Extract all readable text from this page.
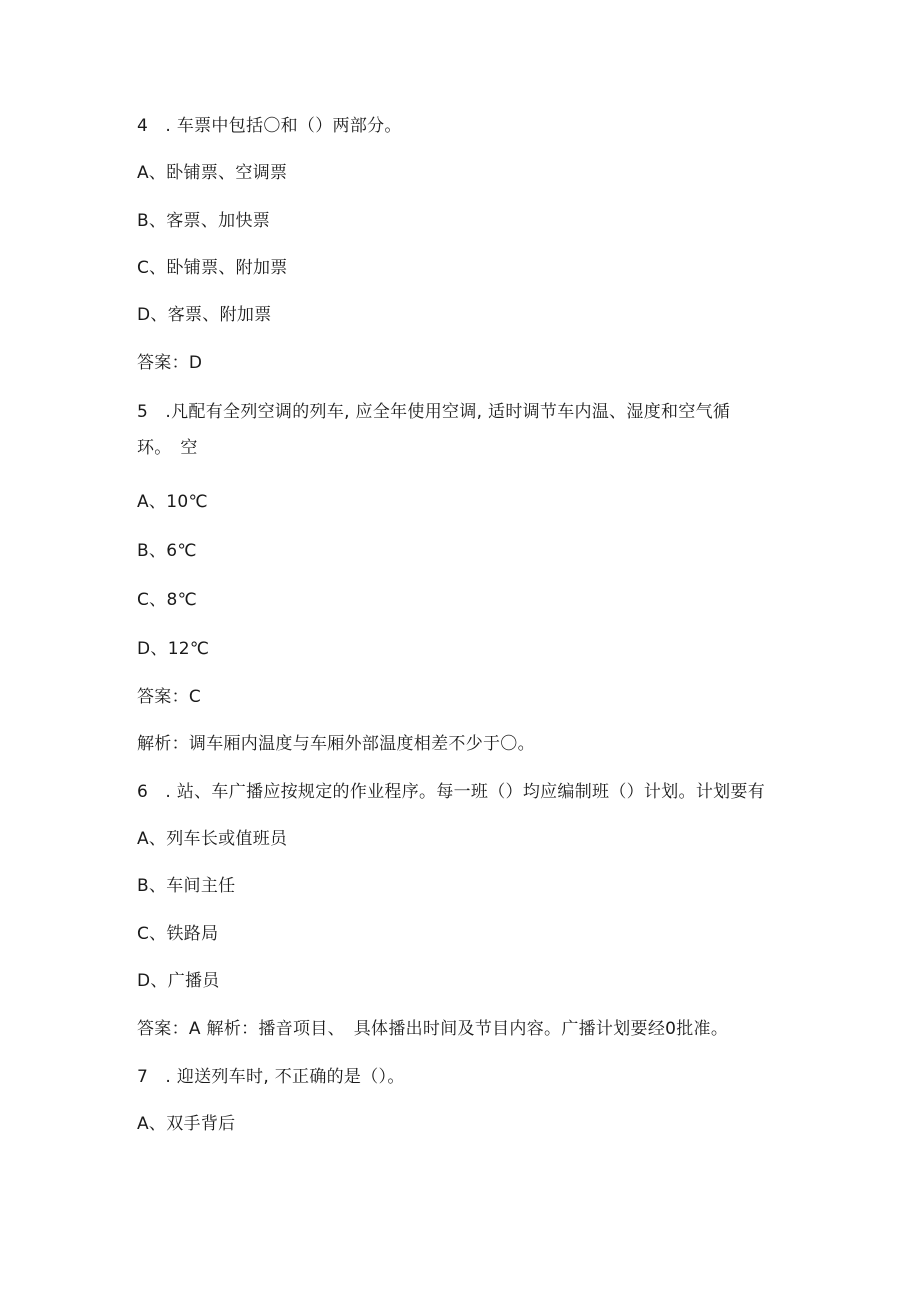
4　. 车票中包括〇和（）两部分。
A、卧铺票、空调票
B、客票、加快票
C、卧铺票、附加票
D、客票、附加票
答案：D
5　.凡配有全列空调的列车, 应全年使用空调, 适时调节车内温、湿度和空气循
环。　空
A、10℃
B、6℃
C、8℃
D、12℃
答案：C
解析：调车厢内温度与车厢外部温度相差不少于〇。
6　. 站、车广播应按规定的作业程序。每一班（）均应编制班（）计划。计划要有
A、列车长或值班员
B、车间主任
C、铁路局
D、广播员
答案：A 解析：播音项目、　具体播出时间及节目内容。广播计划要经0批准。
7　. 迎送列车时, 不正确的是（）。
A、双手背后
